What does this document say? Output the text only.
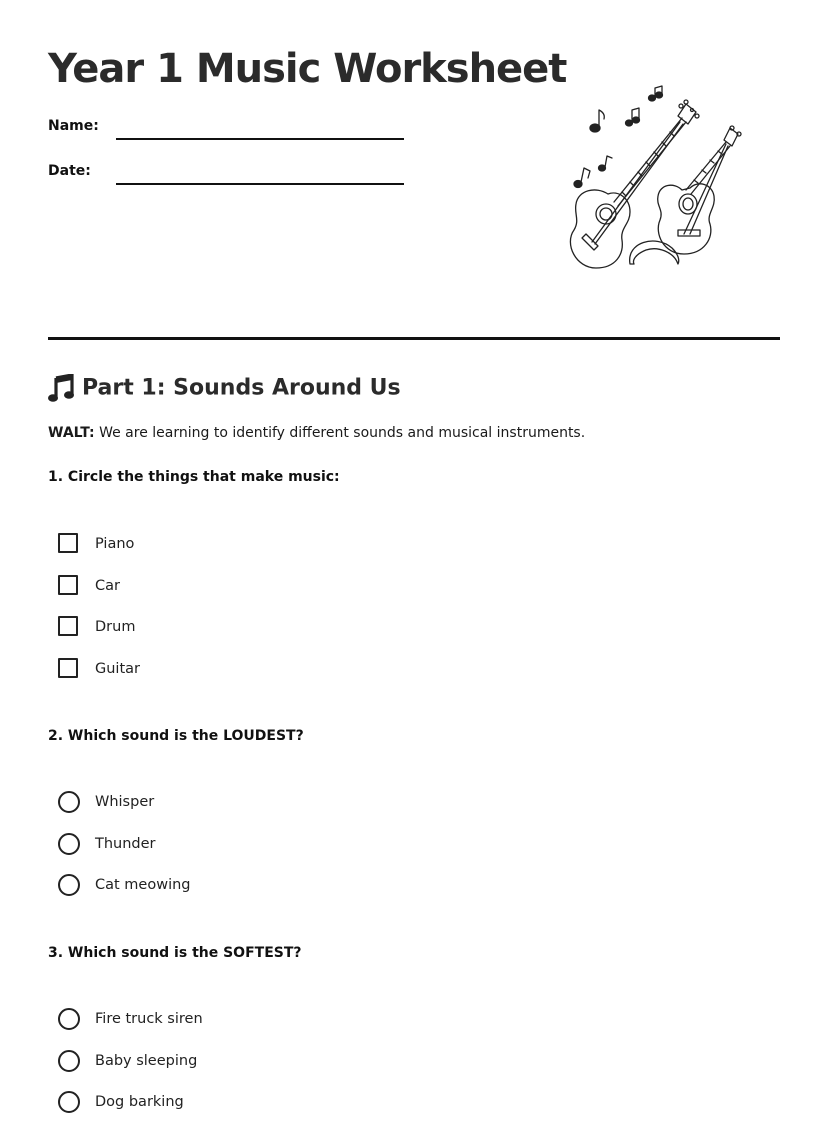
Year 1 Music Worksheet
Name:
Date:
Part 1: Sounds Around Us
WALT: We are learning to identify different sounds and musical instruments.
1. Circle the things that make music:
Piano
Car
Drum
Guitar
2. Which sound is the LOUDEST?
Whisper
Thunder
Cat meowing
3. Which sound is the SOFTEST?
Fire truck siren
Baby sleeping
Dog barking
